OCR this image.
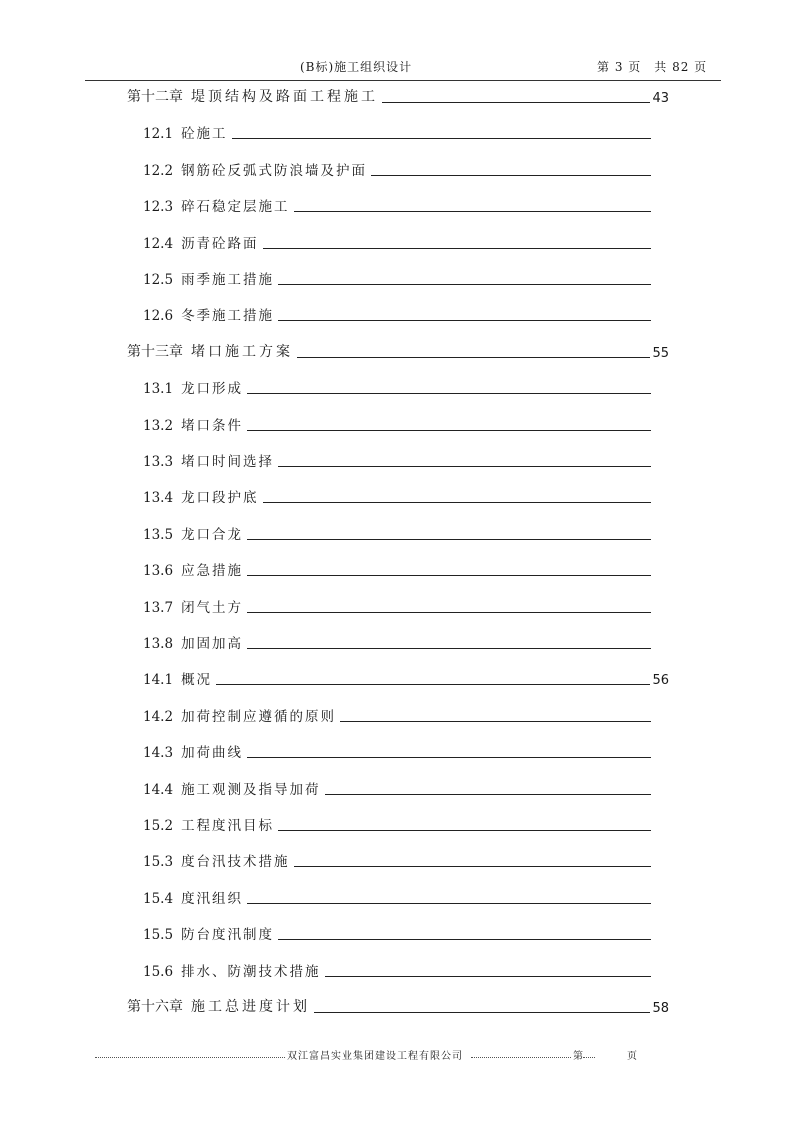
(B标)施工组织设计	第 3 页　共 82 页
第十二章 堤顶结构及路面工程施工	43
12.1 砼施工
12.2 钢筋砼反弧式防浪墙及护面
12.3 碎石稳定层施工
12.4 沥青砼路面
12.5 雨季施工措施
12.6 冬季施工措施
第十三章 堵口施工方案	55
13.1 龙口形成
13.2 堵口条件
13.3 堵口时间选择
13.4 龙口段护底
13.5 龙口合龙
13.6 应急措施
13.7 闭气土方
13.8 加固加高
14.1 概况	56
14.2 加荷控制应遵循的原则
14.3 加荷曲线
14.4 施工观测及指导加荷
15.2 工程度汛目标
15.3 度台汛技术措施
15.4 度汛组织
15.5 防台度汛制度
15.6 排水、防潮技术措施
第十六章 施工总进度计划	58
双江富昌实业集团建设工程有限公司	第	页
